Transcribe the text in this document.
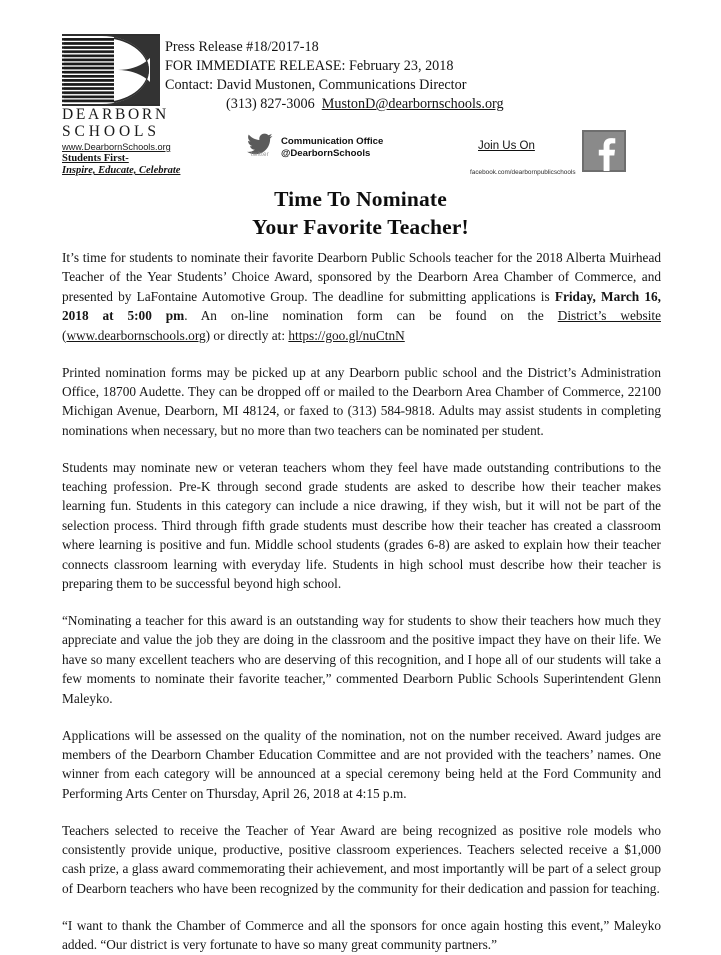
DEARBORN
SCHOOLS
www.DearbornSchools.org
Students First-
Inspire, Educate, Celebrate
Press Release #18/2017-18
FOR IMMEDIATE RELEASE: February 23, 2018
Contact: David Mustonen, Communications Director
(313) 827-3006 MustonD@dearbornschools.org
twitter
Communication Office
@DearbornSchools
Join Us On
facebook.com/dearbornpublicschools
Time To Nominate
Your Favorite Teacher!

It’s time for students to nominate their favorite Dearborn Public Schools teacher for the 2018 Alberta Muirhead Teacher of the Year Students’ Choice Award, sponsored by the Dearborn Area Chamber of Commerce, and presented by LaFontaine Automotive Group. The deadline for submitting applications is Friday, March 16, 2018 at 5:00 pm. An on-line nomination form can be found on the District’s website (www.dearbornschools.org) or directly at: https://goo.gl/nuCtnN

Printed nomination forms may be picked up at any Dearborn public school and the District’s Administration Office, 18700 Audette. They can be dropped off or mailed to the Dearborn Area Chamber of Commerce, 22100 Michigan Avenue, Dearborn, MI 48124, or faxed to (313) 584-9818. Adults may assist students in completing nominations when necessary, but no more than two teachers can be nominated per student.

Students may nominate new or veteran teachers whom they feel have made outstanding contributions to the teaching profession. Pre-K through second grade students are asked to describe how their teacher makes learning fun. Students in this category can include a nice drawing, if they wish, but it will not be part of the selection process. Third through fifth grade students must describe how their teacher has created a classroom where learning is positive and fun. Middle school students (grades 6-8) are asked to explain how their teacher connects classroom learning with everyday life. Students in high school must describe how their teacher is preparing them to be successful beyond high school.

“Nominating a teacher for this award is an outstanding way for students to show their teachers how much they appreciate and value the job they are doing in the classroom and the positive impact they have on their life. We have so many excellent teachers who are deserving of this recognition, and I hope all of our students will take a few moments to nominate their favorite teacher,” commented Dearborn Public Schools Superintendent Glenn Maleyko.

Applications will be assessed on the quality of the nomination, not on the number received. Award judges are members of the Dearborn Chamber Education Committee and are not provided with the teachers’ names. One winner from each category will be announced at a special ceremony being held at the Ford Community and Performing Arts Center on Thursday, April 26, 2018 at 4:15 p.m.

Teachers selected to receive the Teacher of Year Award are being recognized as positive role models who consistently provide unique, productive, positive classroom experiences. Teachers selected receive a $1,000 cash prize, a glass award commemorating their achievement, and most importantly will be part of a select group of Dearborn teachers who have been recognized by the community for their dedication and passion for teaching.

“I want to thank the Chamber of Commerce and all the sponsors for once again hosting this event,” Maleyko added. “Our district is very fortunate to have so many great community partners.”
